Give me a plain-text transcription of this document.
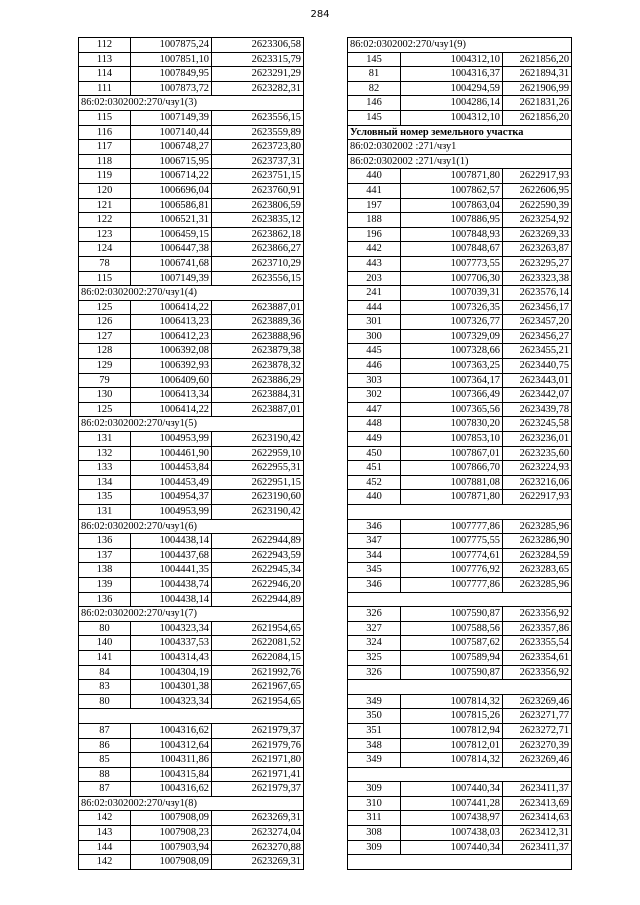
284
112	1007875,24	2623306,58
113	1007851,10	2623315,79
114	1007849,95	2623291,29
111	1007873,72	2623282,31
86:02:0302002:270/чзу1(3)		
115	1007149,39	2623556,15
116	1007140,44	2623559,89
117	1006748,27	2623723,80
118	1006715,95	2623737,31
119	1006714,22	2623751,15
120	1006696,04	2623760,91
121	1006586,81	2623806,59
122	1006521,31	2623835,12
123	1006459,15	2623862,18
124	1006447,38	2623866,27
78	1006741,68	2623710,29
115	1007149,39	2623556,15
86:02:0302002:270/чзу1(4)		
125	1006414,22	2623887,01
126	1006413,23	2623889,36
127	1006412,23	2623888,96
128	1006392,08	2623879,38
129	1006392,93	2623878,32
79	1006409,60	2623886,29
130	1006413,34	2623884,31
125	1006414,22	2623887,01
86:02:0302002:270/чзу1(5)		
131	1004953,99	2623190,42
132	1004461,90	2622959,10
133	1004453,84	2622955,31
134	1004453,49	2622951,15
135	1004954,37	2623190,60
131	1004953,99	2623190,42
86:02:0302002:270/чзу1(6)		
136	1004438,14	2622944,89
137	1004437,68	2622943,59
138	1004441,35	2622945,34
139	1004438,74	2622946,20
136	1004438,14	2622944,89
86:02:0302002:270/чзу1(7)		
80	1004323,34	2621954,65
140	1004337,53	2622081,52
141	1004314,43	2622084,15
84	1004304,19	2621992,76
83	1004301,38	2621967,65
80	1004323,34	2621954,65

87	1004316,62	2621979,37
86	1004312,64	2621979,76
85	1004311,86	2621971,80
88	1004315,84	2621971,41
87	1004316,62	2621979,37
86:02:0302002:270/чзу1(8)		
142	1007908,09	2623269,31
143	1007908,23	2623274,04
144	1007903,94	2623270,88
142	1007908,09	2623269,31
86:02:0302002:270/чзу1(9)		
145	1004312,10	2621856,20
81	1004316,37	2621894,31
82	1004294,59	2621906,99
146	1004286,14	2621831,26
145	1004312,10	2621856,20
Условный номер земельного участка		
86:02:0302002 :271/чзу1		
86:02:0302002 :271/чзу1(1)		
440	1007871,80	2622917,93
441	1007862,57	2622606,95
197	1007863,04	2622590,39
188	1007886,95	2623254,92
196	1007848,93	2623269,33
442	1007848,67	2623263,87
443	1007773,55	2623295,27
203	1007706,30	2623323,38
241	1007039,31	2623576,14
444	1007326,35	2623456,17
301	1007326,77	2623457,20
300	1007329,09	2623456,27
445	1007328,66	2623455,21
446	1007363,25	2623440,75
303	1007364,17	2623443,01
302	1007366,49	2623442,07
447	1007365,56	2623439,78
448	1007830,20	2623245,58
449	1007853,10	2623236,01
450	1007867,01	2623235,60
451	1007866,70	2623224,93
452	1007881,08	2623216,06
440	1007871,80	2622917,93

346	1007777,86	2623285,96
347	1007775,55	2623286,90
344	1007774,61	2623284,59
345	1007776,92	2623283,65
346	1007777,86	2623285,96

326	1007590,87	2623356,92
327	1007588,56	2623357,86
324	1007587,62	2623355,54
325	1007589,94	2623354,61
326	1007590,87	2623356,92

349	1007814,32	2623269,46
350	1007815,26	2623271,77
351	1007812,94	2623272,71
348	1007812,01	2623270,39
349	1007814,32	2623269,46

309	1007440,34	2623411,37
310	1007441,28	2623413,69
311	1007438,97	2623414,63
308	1007438,03	2623412,31
309	1007440,34	2623411,37
